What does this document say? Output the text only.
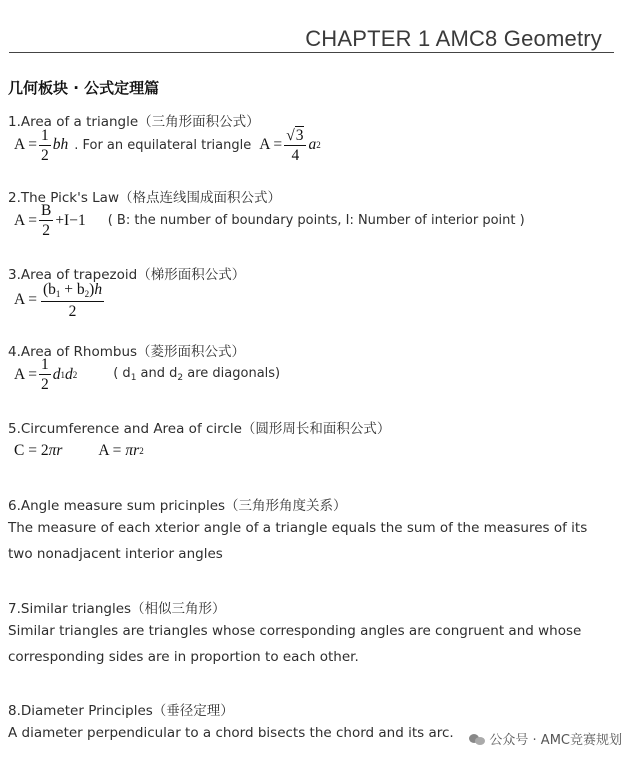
CHAPTER 1 AMC8 Geometry
几何板块 · 公式定理篇
1.Area of a triangle（三角形面积公式）
$A = \frac{1}{2}$ bh . For an equilateral triangle $A = \frac{√ 3}{4}$ a 2
2.The Pick's Law（格点连线围成面积公式）
$A = \frac{B}{2} +I-1$ ( B: the number of boundary points, I: Number of interior point )
3.Area of trapezoid（梯形面积公式）
$A = \frac{(b_1 + b_2)h}{2}$
4.Area of Rhombus（菱形面积公式）
$A = \frac{1}{2}$ d 1 d 2	( $d_1$ and $d_2$ are diagonals)
5.Circumference and Area of circle（圆形周长和面积公式）
C = 2 πr A = πr 2
6.Angle measure sum pricinples（三角形角度关系）
The measure of each xterior angle of a triangle equals the sum of the measures of its
two nonadjacent interior angles
7.Similar triangles（相似三角形）
Similar triangles are triangles whose corresponding angles are congruent and whose
corresponding sides are in proportion to each other.
8.Diameter Principles（垂径定理）
A diameter perpendicular to a chord bisects the chord and its arc.	公众号 · AMC竞赛规划
